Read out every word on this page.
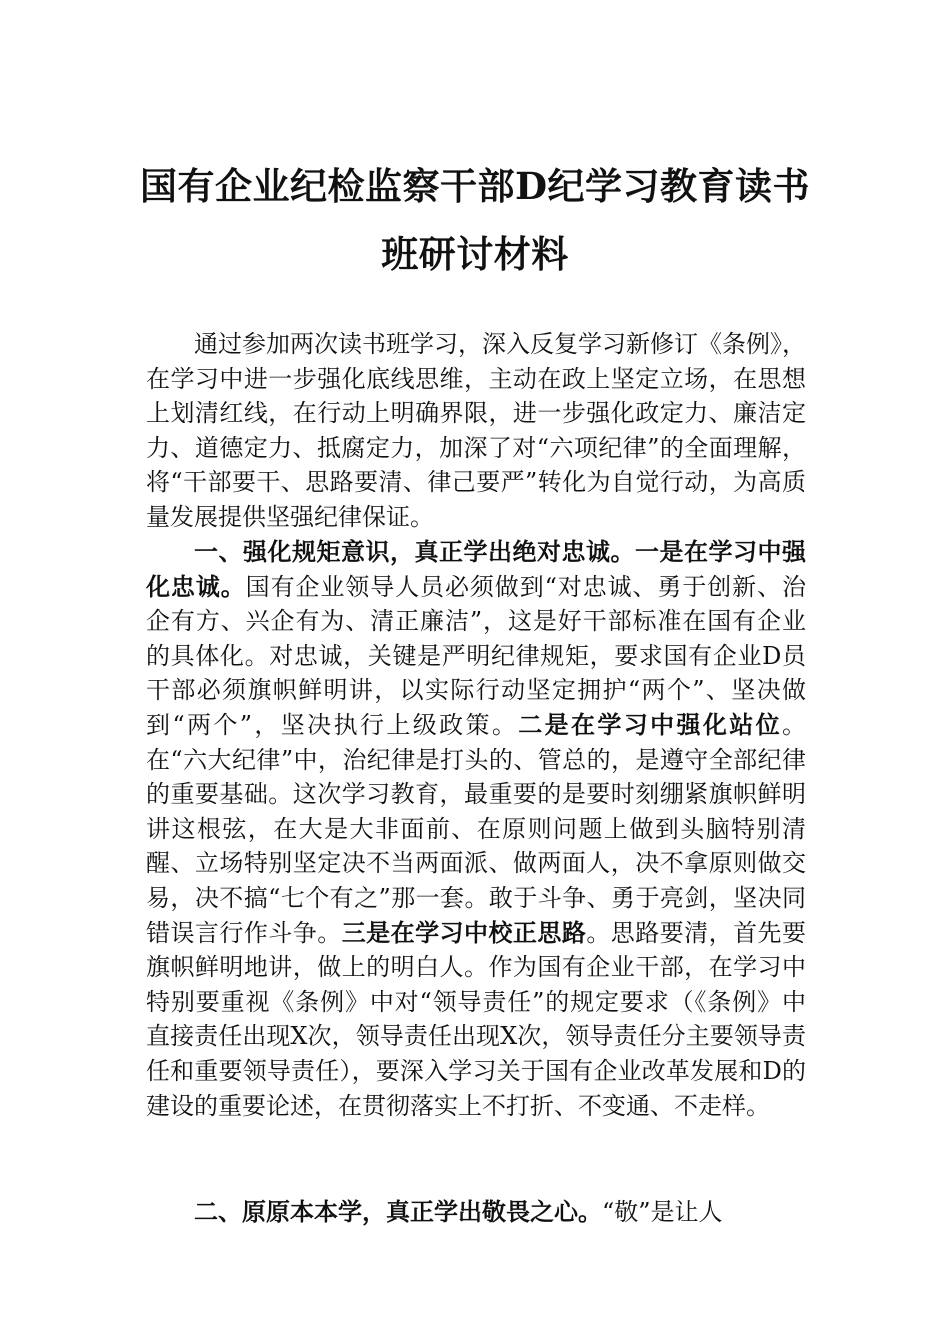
国有企业纪检监察干部D纪学习教育读书
班研讨材料

通过参加两次读书班学习，深入反复学习新修订《条例》，在学习中进一步强化底线思维，主动在政上坚定立场，在思想上划清红线，在行动上明确界限，进一步强化政定力、廉洁定力、道德定力、抵腐定力，加深了对“六项纪律”的全面理解，将“干部要干、思路要清、律己要严”转化为自觉行动，为高质量发展提供坚强纪律保证。

一、强化规矩意识，真正学出绝对忠诚。一是在学习中强化忠诚。国有企业领导人员必须做到“对忠诚、勇于创新、治企有方、兴企有为、清正廉洁”，这是好干部标准在国有企业的具体化。对忠诚，关键是严明纪律规矩，要求国有企业D员干部必须旗帜鲜明讲，以实际行动坚定拥护“两个”、坚决做到“两个”，坚决执行上级政策。二是在学习中强化站位。在“六大纪律”中，治纪律是打头的、管总的，是遵守全部纪律的重要基础。这次学习教育，最重要的是要时刻绷紧旗帜鲜明讲这根弦，在大是大非面前、在原则问题上做到头脑特别清醒、立场特别坚定决不当两面派、做两面人，决不拿原则做交易，决不搞“七个有之”那一套。敢于斗争、勇于亮剑，坚决同错误言行作斗争。三是在学习中校正思路。思路要清，首先要旗帜鲜明地讲，做上的明白人。作为国有企业干部，在学习中特别要重视《条例》中对“领导责任”的规定要求（《条例》中直接责任出现X次，领导责任出现X次，领导责任分主要领导责任和重要领导责任），要深入学习关于国有企业改革发展和D的建设的重要论述，在贯彻落实上不打折、不变通、不走样。

二、原原本本学，真正学出敬畏之心。“敬”是让人
